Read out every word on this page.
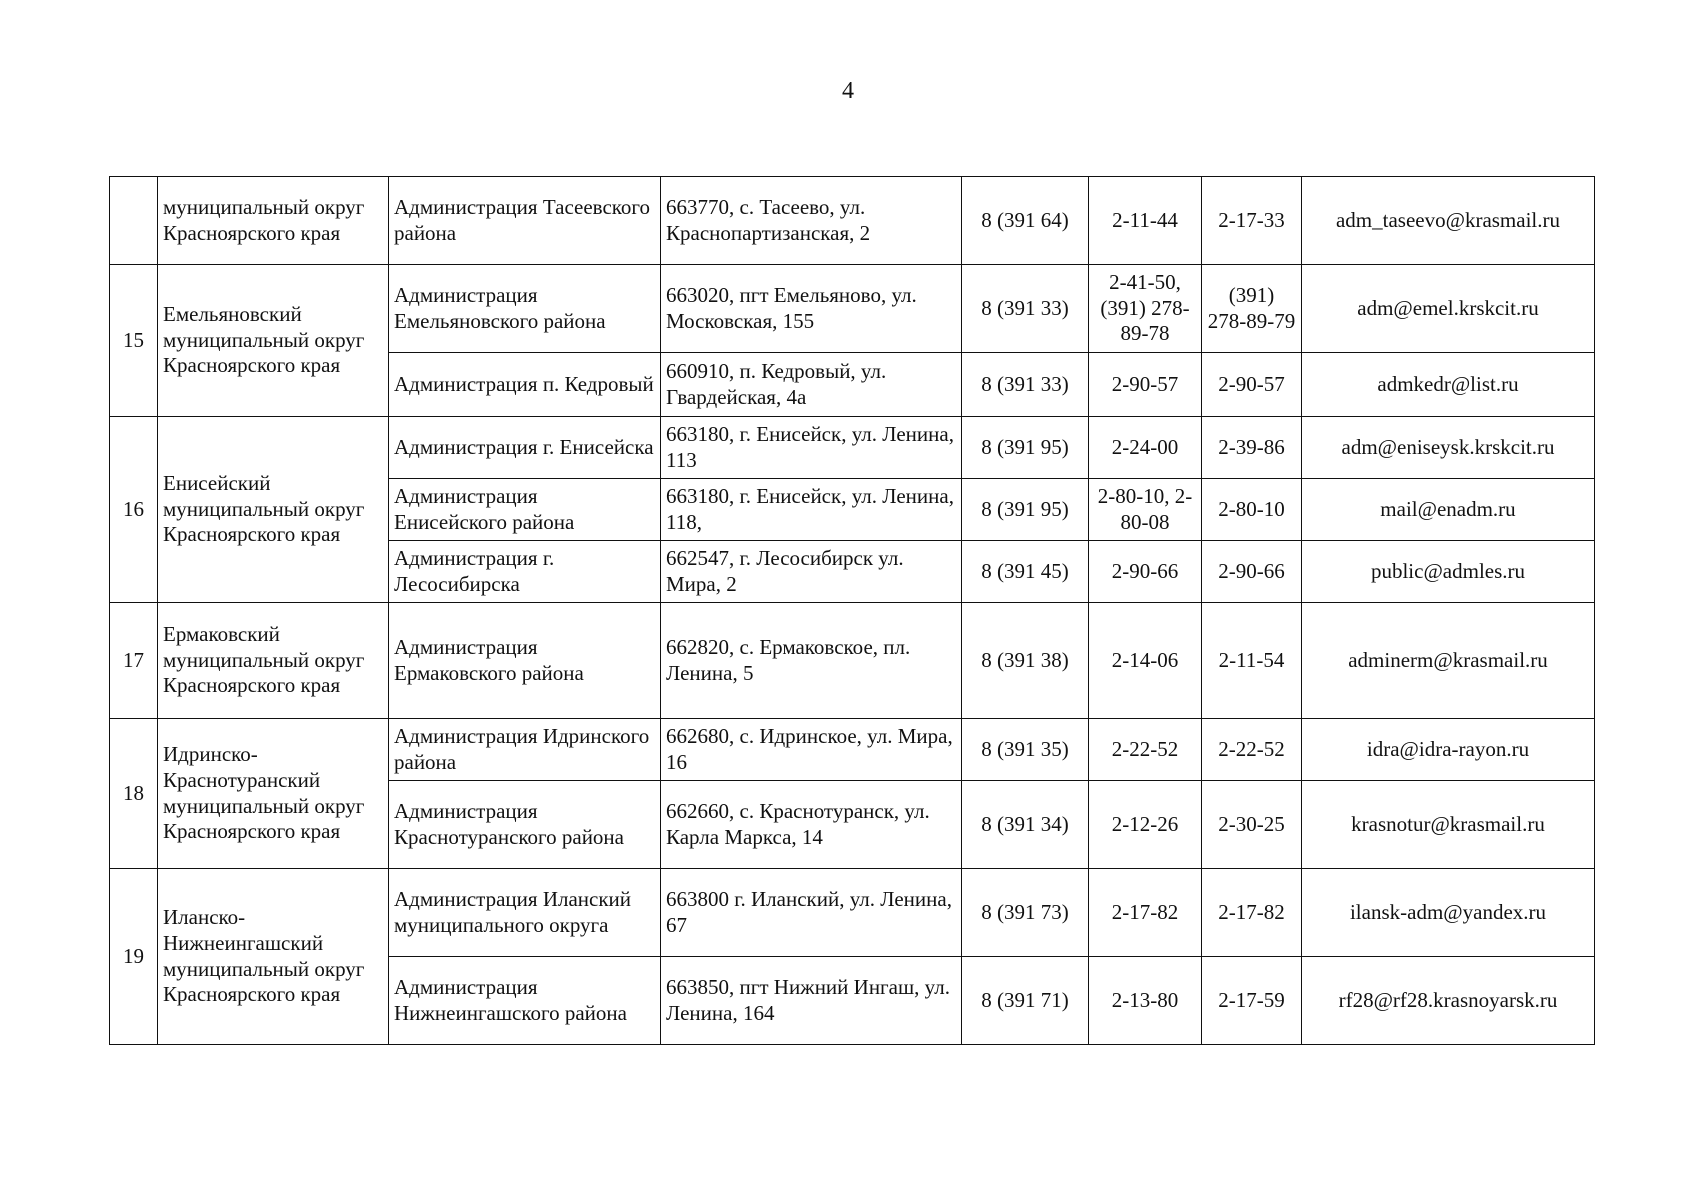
4
	муниципальный округ Красноярского края	Администрация Тасеевского района	663770, с. Тасеево, ул. Краснопартизанская, 2	8 (391 64)	2-11-44	2-17-33	adm_taseevo@krasmail.ru
15	Емельяновский муниципальный округ Красноярского края	Администрация Емельяновского района	663020, пгт Емельяново, ул. Московская, 155	8 (391 33)	2-41-50, (391) 278-89-78	(391) 278-89-79	adm@emel.krskcit.ru
		Администрация п. Кедровый	660910, п. Кедровый, ул. Гвардейская, 4а	8 (391 33)	2-90-57	2-90-57	admkedr@list.ru
16	Енисейский муниципальный округ Красноярского края	Администрация г. Енисейска	663180, г. Енисейск, ул. Ленина, 113	8 (391 95)	2-24-00	2-39-86	adm@eniseysk.krskcit.ru
		Администрация Енисейского района	663180, г. Енисейск, ул. Ленина, 118,	8 (391 95)	2-80-10, 2-80-08	2-80-10	mail@enadm.ru
		Администрация г. Лесосибирска	662547, г. Лесосибирск ул. Мира, 2	8 (391 45)	2-90-66	2-90-66	public@admles.ru
17	Ермаковский муниципальный округ Красноярского края	Администрация Ермаковского района	662820, с. Ермаковское, пл. Ленина, 5	8 (391 38)	2-14-06	2-11-54	adminerm@krasmail.ru
18	Идринско-Краснотуранский муниципальный округ Красноярского края	Администрация Идринского района	662680, с. Идринское, ул. Мира, 16	8 (391 35)	2-22-52	2-22-52	idra@idra-rayon.ru
		Администрация Краснотуранского района	662660, с. Краснотуранск, ул. Карла Маркса, 14	8 (391 34)	2-12-26	2-30-25	krasnotur@krasmail.ru
19	Иланско-Нижнеингашский муниципальный округ Красноярского края	Администрация Иланский муниципального округа	663800 г. Иланский, ул. Ленина, 67	8 (391 73)	2-17-82	2-17-82	ilansk-adm@yandex.ru
		Администрация Нижнеингашского района	663850, пгт Нижний Ингаш, ул. Ленина, 164	8 (391 71)	2-13-80	2-17-59	rf28@rf28.krasnoyarsk.ru
